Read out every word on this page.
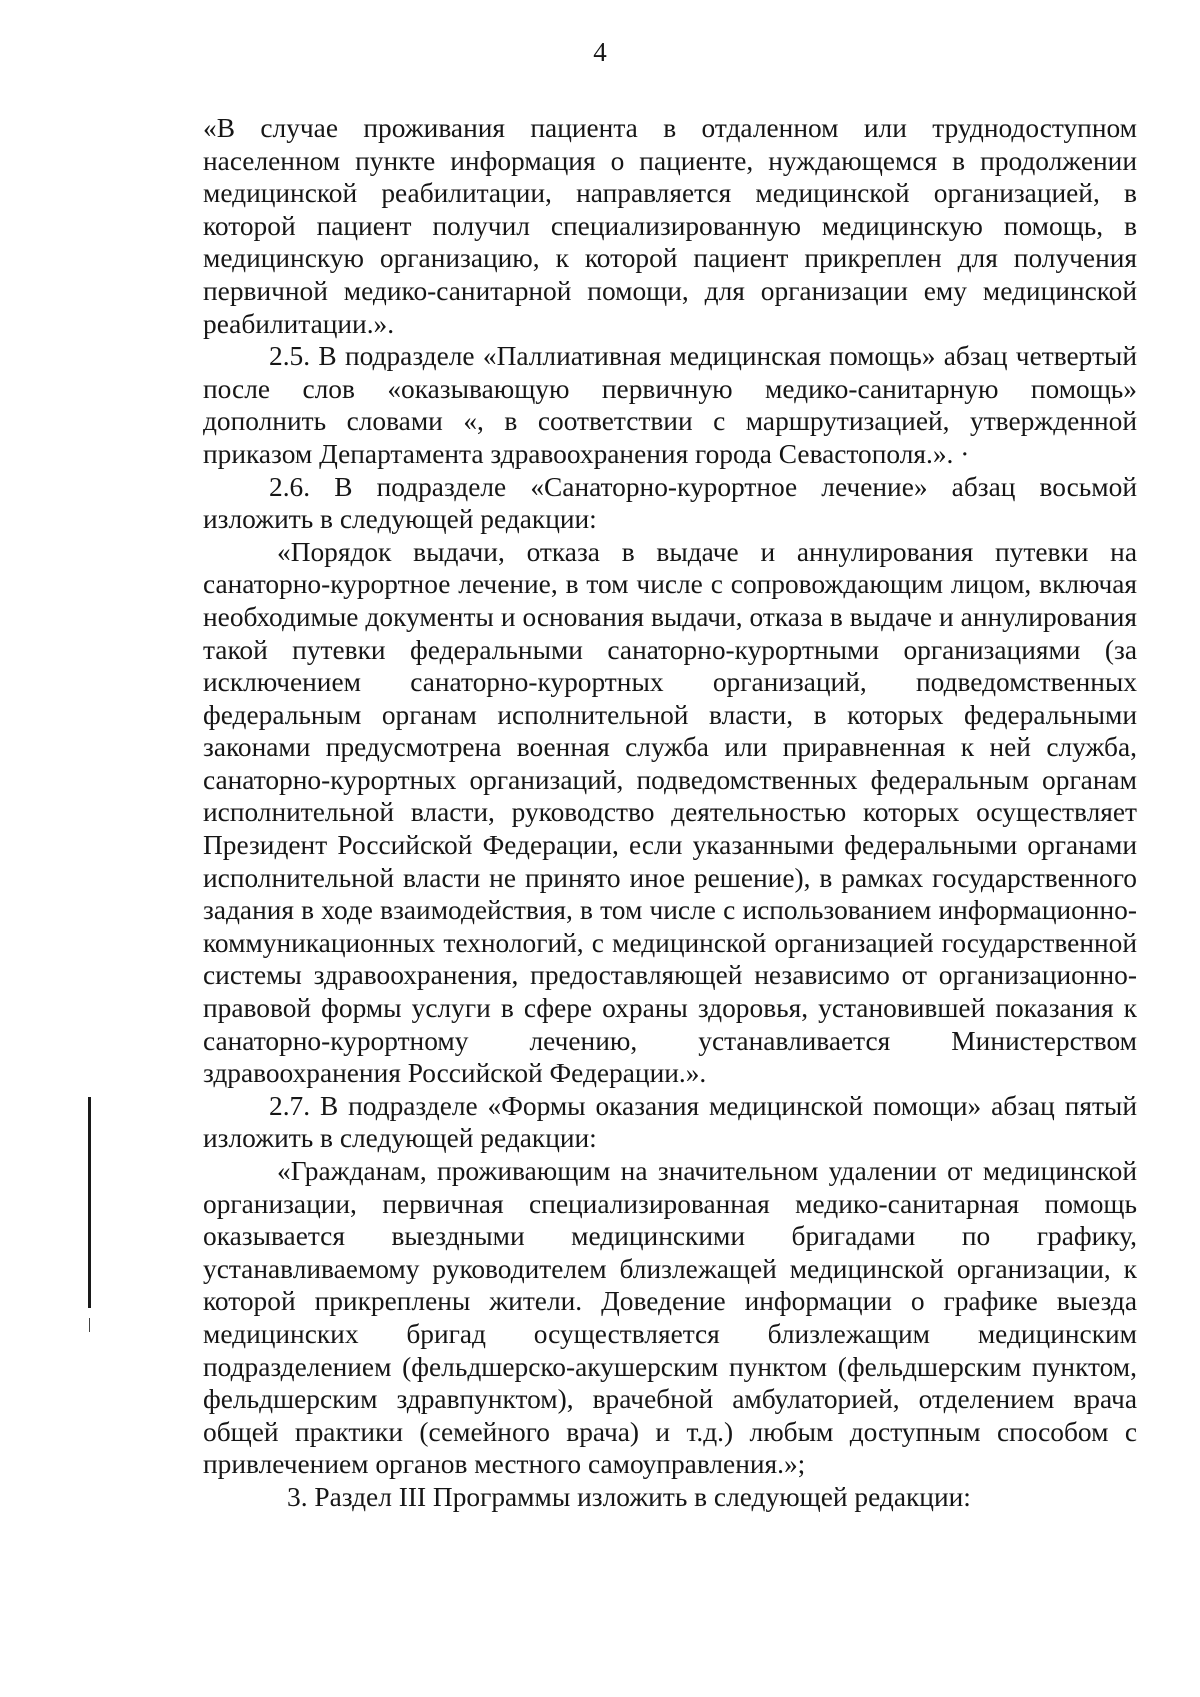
4

«В случае проживания пациента в отдаленном или труднодоступном населенном пункте информация о пациенте, нуждающемся в продолжении медицинской реабилитации, направляется медицинской организацией, в которой пациент получил специализированную медицинскую помощь, в медицинскую организацию, к которой пациент прикреплен для получения первичной медико-санитарной помощи, для организации ему медицинской реабилитации.».

2.5. В подразделе «Паллиативная медицинская помощь» абзац четвертый после слов «оказывающую первичную медико-санитарную помощь» дополнить словами «, в соответствии с маршрутизацией, утвержденной приказом Департамента здравоохранения города Севастополя.». ·

2.6. В подразделе «Санаторно-курортное лечение» абзац восьмой изложить в следующей редакции:

«Порядок выдачи, отказа в выдаче и аннулирования путевки на санаторно-курортное лечение, в том числе с сопровождающим лицом, включая необходимые документы и основания выдачи, отказа в выдаче и аннулирования такой путевки федеральными санаторно-курортными организациями (за исключением санаторно-курортных организаций, подведомственных федеральным органам исполнительной власти, в которых федеральными законами предусмотрена военная служба или приравненная к ней служба, санаторно-курортных организаций, подведомственных федеральным органам исполнительной власти, руководство деятельностью которых осуществляет Президент Российской Федерации, если указанными федеральными органами исполнительной власти не принято иное решение), в рамках государственного задания в ходе взаимодействия, в том числе с использованием информационно-коммуникационных технологий, с медицинской организацией государственной системы здравоохранения, предоставляющей независимо от организационно-правовой формы услуги в сфере охраны здоровья, установившей показания к санаторно-курортному лечению, устанавливается Министерством здравоохранения Российской Федерации.».

2.7. В подразделе «Формы оказания медицинской помощи» абзац пятый изложить в следующей редакции:

«Гражданам, проживающим на значительном удалении от медицинской организации, первичная специализированная медико-санитарная помощь оказывается выездными медицинскими бригадами по графику, устанавливаемому руководителем близлежащей медицинской организации, к которой прикреплены жители. Доведение информации о графике выезда медицинских бригад осуществляется близлежащим медицинским подразделением (фельдшерско-акушерским пунктом (фельдшерским пунктом, фельдшерским здравпунктом), врачебной амбулаторией, отделением врача общей практики (семейного врача) и т.д.) любым доступным способом с привлечением органов местного самоуправления.»;

3. Раздел III Программы изложить в следующей редакции:
